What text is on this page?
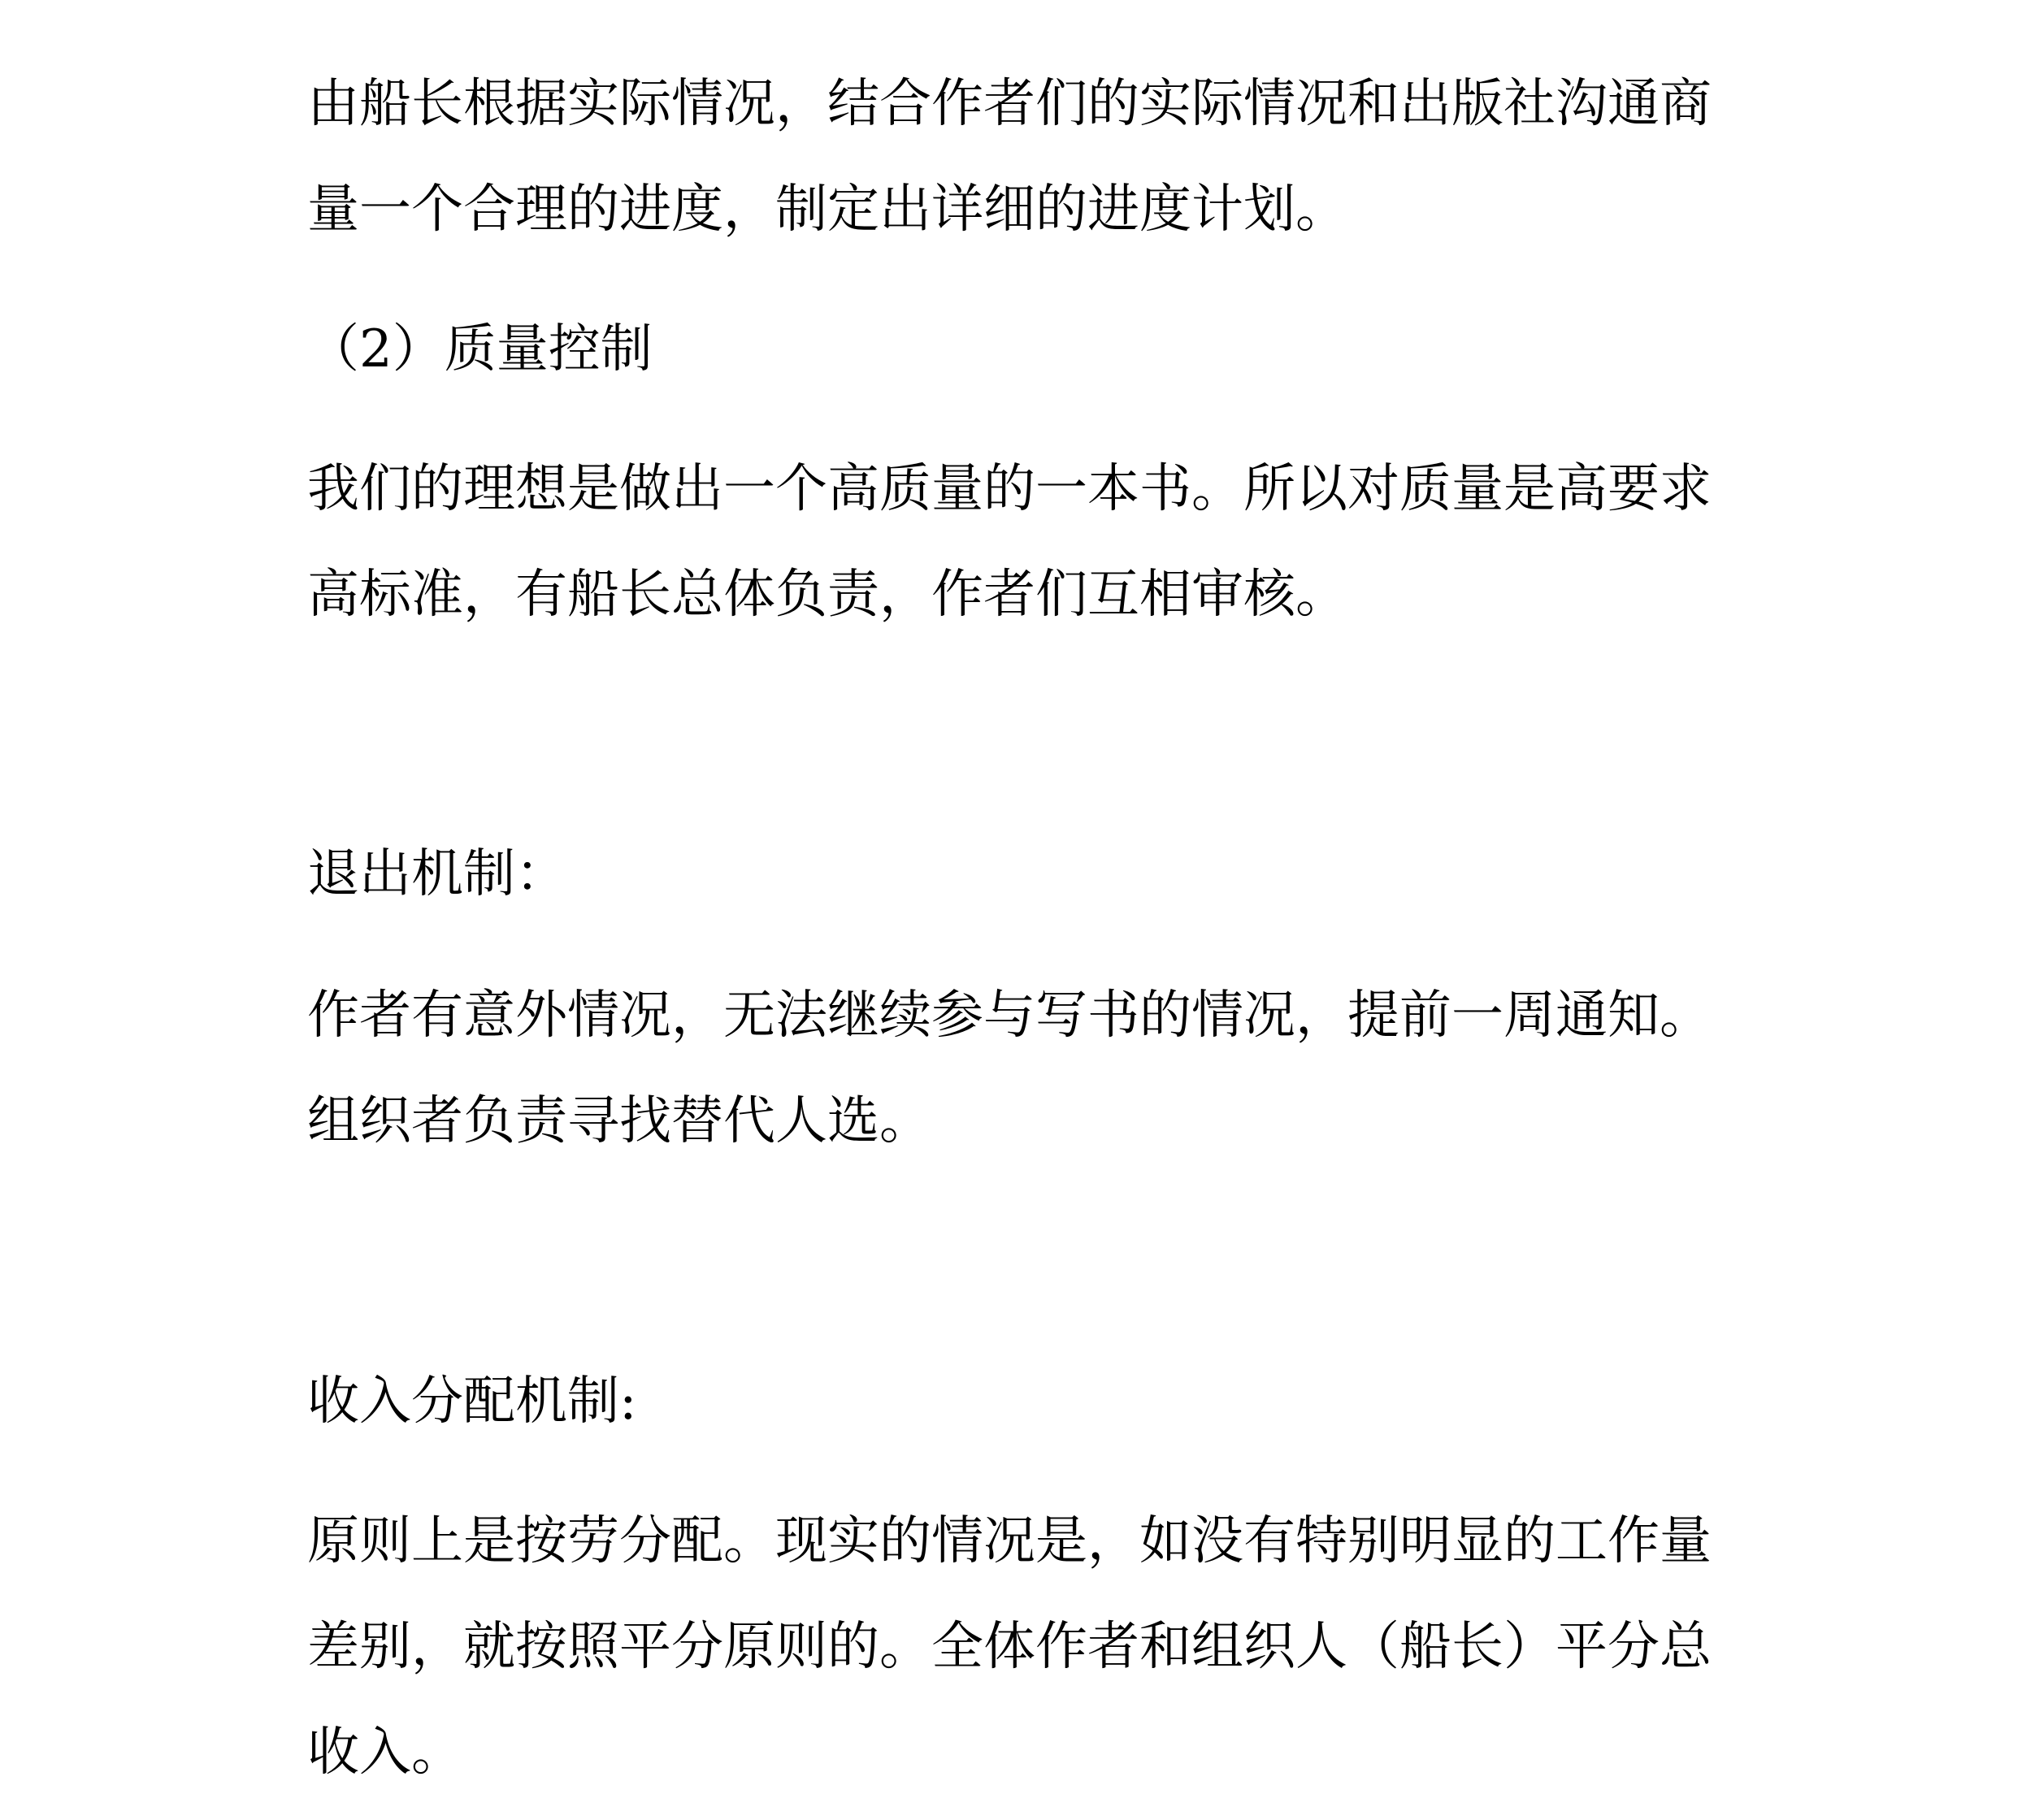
由船长根据实际情况，结合作者们的实际情况和出版社沟通商
量一个合理的进度，制定出详细的进度计划。
（2）质量控制
我们的理想是做出一个高质量的一本书。所以对质量是高要求
高标准，有船长总体负责，作者们互相审核。
退出机制：
作者有意外情况，无法继续参与写书的情况，提前一周通知。
组织者负责寻找替代人选。
收入分配机制:
原则上是按劳分配。现实的情况是，如没有特别明显的工作量
差别，就按照平分原则的。全体作者和组织人（船长）平分总
收入。
